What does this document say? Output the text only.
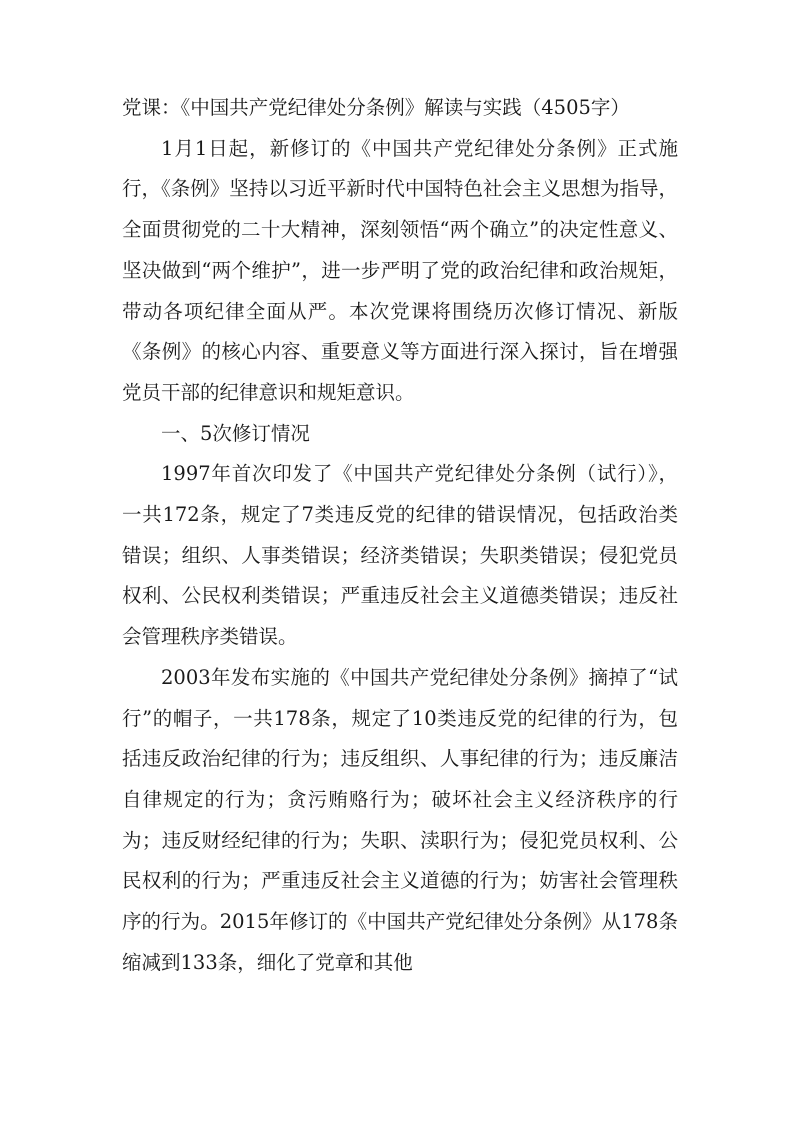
党课：《中国共产党纪律处分条例》解读与实践（4505字）

1月1日起，新修订的《中国共产党纪律处分条例》正式施行，《条例》坚持以习近平新时代中国特色社会主义思想为指导，全面贯彻党的二十大精神，深刻领悟“两个确立”的决定性意义、坚决做到“两个维护”，进一步严明了党的政治纪律和政治规矩，带动各项纪律全面从严。本次党课将围绕历次修订情况、新版《条例》的核心内容、重要意义等方面进行深入探讨，旨在增强党员干部的纪律意识和规矩意识。

一、5次修订情况

1997年首次印发了《中国共产党纪律处分条例（试行）》，一共172条，规定了7类违反党的纪律的错误情况，包括政治类错误；组织、人事类错误；经济类错误；失职类错误；侵犯党员权利、公民权利类错误；严重违反社会主义道德类错误；违反社会管理秩序类错误。

2003年发布实施的《中国共产党纪律处分条例》摘掉了“试行”的帽子，一共178条，规定了10类违反党的纪律的行为，包括违反政治纪律的行为；违反组织、人事纪律的行为；违反廉洁自律规定的行为；贪污贿赂行为；破坏社会主义经济秩序的行为；违反财经纪律的行为；失职、渎职行为；侵犯党员权利、公民权利的行为；严重违反社会主义道德的行为；妨害社会管理秩序的行为。2015年修订的《中国共产党纪律处分条例》从178条缩减到133条，细化了党章和其他
